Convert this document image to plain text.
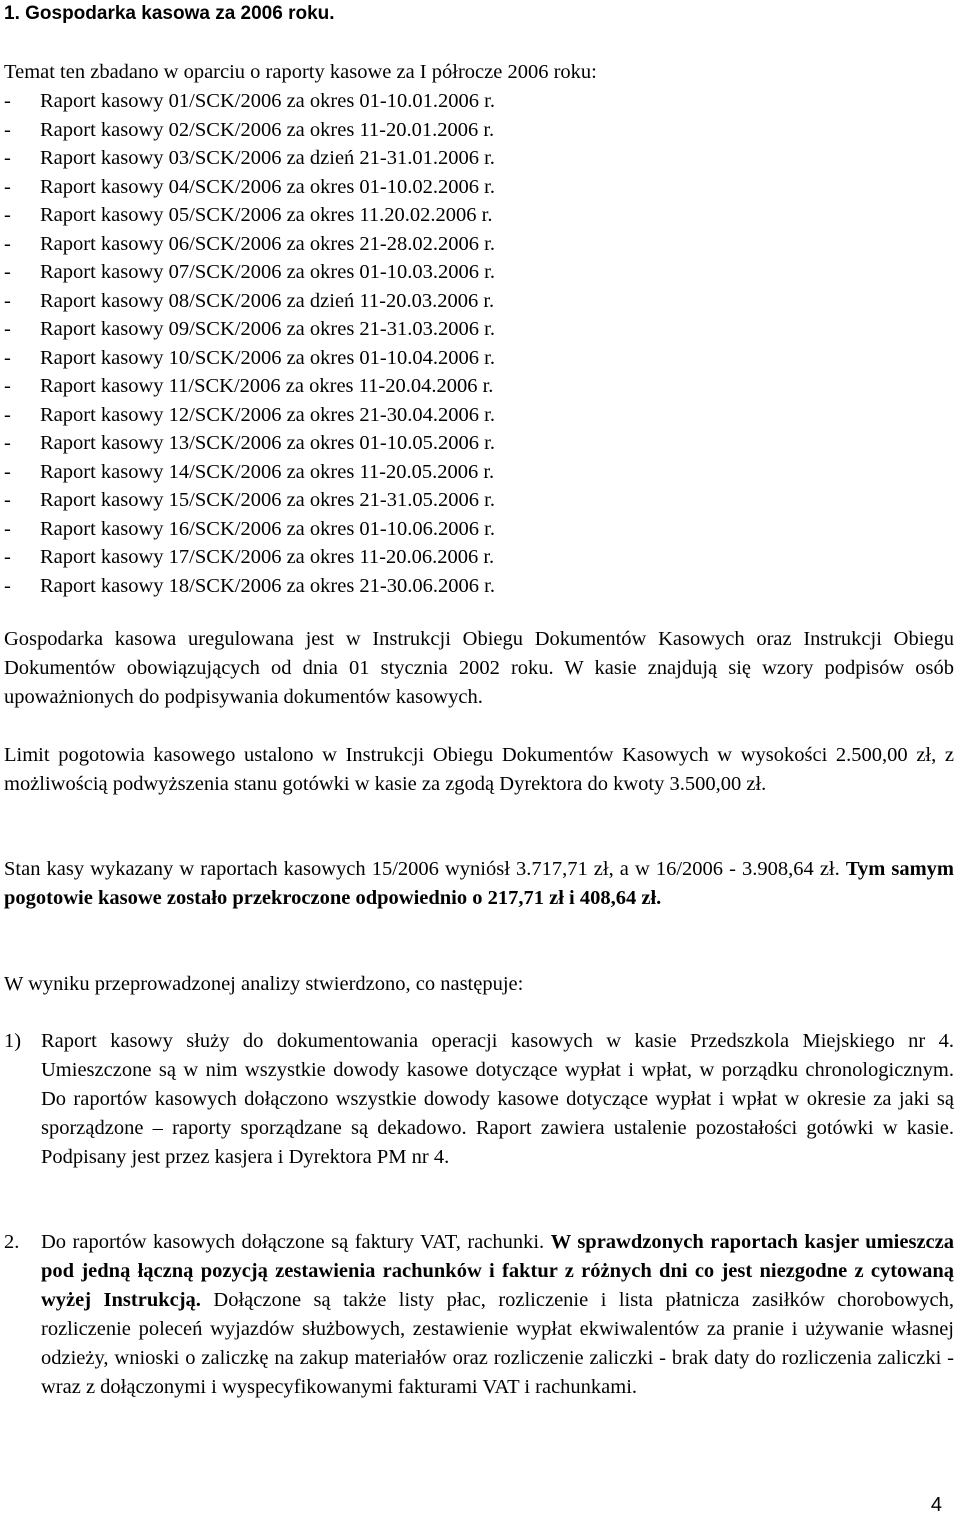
1. Gospodarka kasowa za 2006 roku.
Temat ten zbadano w oparciu o raporty kasowe za I półrocze 2006 roku:
- Raport kasowy 01/SCK/2006 za okres 01-10.01.2006 r.
- Raport kasowy 02/SCK/2006 za okres 11-20.01.2006 r.
- Raport kasowy 03/SCK/2006 za dzień 21-31.01.2006 r.
- Raport kasowy 04/SCK/2006 za okres 01-10.02.2006 r.
- Raport kasowy 05/SCK/2006 za okres 11.20.02.2006 r.
- Raport kasowy 06/SCK/2006 za okres 21-28.02.2006 r.
- Raport kasowy 07/SCK/2006 za okres 01-10.03.2006 r.
- Raport kasowy 08/SCK/2006 za dzień 11-20.03.2006 r.
- Raport kasowy 09/SCK/2006 za okres 21-31.03.2006 r.
- Raport kasowy 10/SCK/2006 za okres 01-10.04.2006 r.
- Raport kasowy 11/SCK/2006 za okres 11-20.04.2006 r.
- Raport kasowy 12/SCK/2006 za okres 21-30.04.2006 r.
- Raport kasowy 13/SCK/2006 za okres 01-10.05.2006 r.
- Raport kasowy 14/SCK/2006 za okres 11-20.05.2006 r.
- Raport kasowy 15/SCK/2006 za okres 21-31.05.2006 r.
- Raport kasowy 16/SCK/2006 za okres 01-10.06.2006 r.
- Raport kasowy 17/SCK/2006 za okres 11-20.06.2006 r.
- Raport kasowy 18/SCK/2006 za okres 21-30.06.2006 r.

Gospodarka kasowa uregulowana jest w Instrukcji Obiegu Dokumentów Kasowych oraz Instrukcji Obiegu Dokumentów obowiązujących od dnia 01 stycznia 2002 roku. W kasie znajdują się wzory podpisów osób upoważnionych do podpisywania dokumentów kasowych.

Limit pogotowia kasowego ustalono w Instrukcji Obiegu Dokumentów Kasowych w wysokości 2.500,00 zł, z możliwością podwyższenia stanu gotówki w kasie za zgodą Dyrektora do kwoty 3.500,00 zł.

Stan kasy wykazany w raportach kasowych 15/2006 wyniósł 3.717,71 zł, a w 16/2006 - 3.908,64 zł. Tym samym pogotowie kasowe zostało przekroczone odpowiednio o 217,71 zł i 408,64 zł.

W wyniku przeprowadzonej analizy stwierdzono, co następuje:

1) Raport kasowy służy do dokumentowania operacji kasowych w kasie Przedszkola Miejskiego nr 4. Umieszczone są w nim wszystkie dowody kasowe dotyczące wypłat i wpłat, w porządku chronologicznym. Do raportów kasowych dołączono wszystkie dowody kasowe dotyczące wypłat i wpłat w okresie za jaki są sporządzone – raporty sporządzane są dekadowo. Raport zawiera ustalenie pozostałości gotówki w kasie. Podpisany jest przez kasjera i Dyrektora PM nr 4.

2. Do raportów kasowych dołączone są faktury VAT, rachunki. W sprawdzonych raportach kasjer umieszcza pod jedną łączną pozycją zestawienia rachunków i faktur z różnych dni co jest niezgodne z cytowaną wyżej Instrukcją. Dołączone są także listy płac, rozliczenie i lista płatnicza zasiłków chorobowych, rozliczenie poleceń wyjazdów służbowych, zestawienie wypłat ekwiwalentów za pranie i używanie własnej odzieży, wnioski o zaliczkę na zakup materiałów oraz rozliczenie zaliczki - brak daty do rozliczenia zaliczki - wraz z dołączonymi i wyspecyfikowanymi fakturami VAT i rachunkami.

4
